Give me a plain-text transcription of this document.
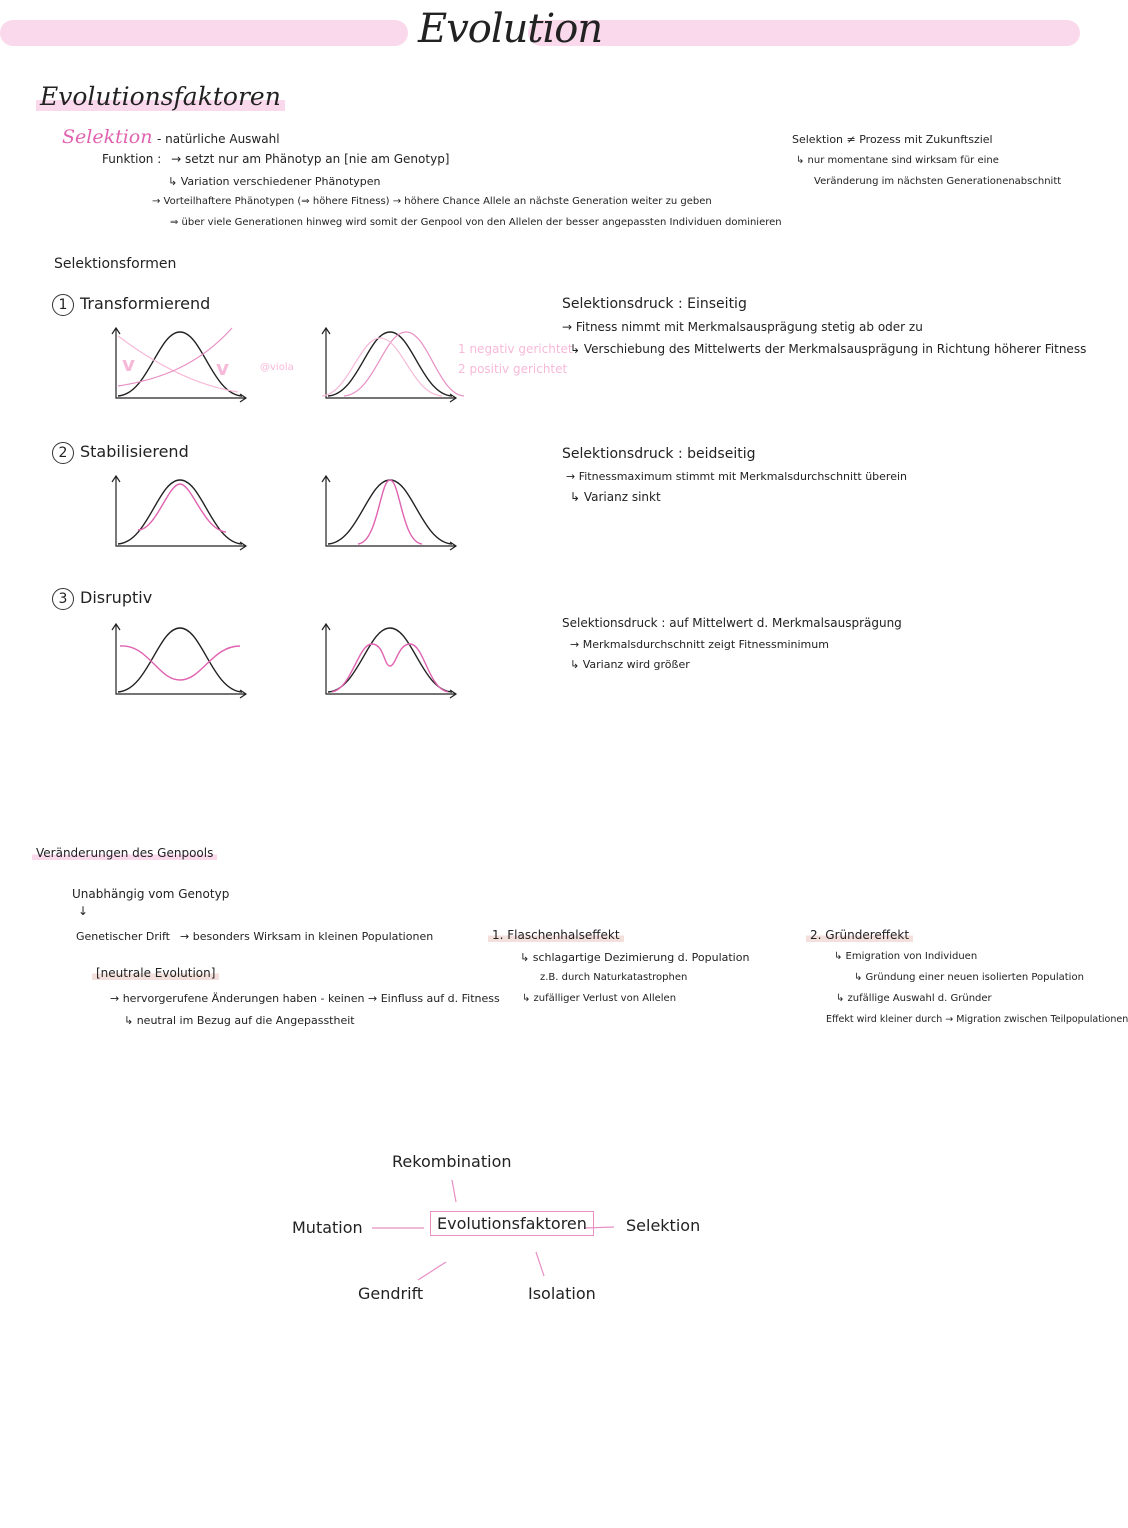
Evolution
Evolutionsfaktoren
Selektion - natürliche Auswahl
Funktion : → setzt nur am Phänotyp an [nie am Genotyp]
↳ Variation verschiedener Phänotypen
→ Vorteilhaftere Phänotypen (⇒ höhere Fitness) → höhere Chance Allele an nächste Generation weiter zu geben
⇒ über viele Generationen hinweg wird somit der Genpool von den Allelen der besser angepassten Individuen dominieren
Selektion ≠ Prozess mit Zukunftsziel
↳ nur momentane sind wirksam für eine
Veränderung im nächsten Generationenabschnitt
Selektionsformen
1 Transformierend	Selektionsdruck : Einseitig
→ Fitness nimmt mit Merkmalsausprägung stetig ab oder zu
↳ Verschiebung des Mittelwerts der Merkmalsausprägung in Richtung höherer Fitness
1 negativ gerichtet
2 positiv gerichtet
@viola
v	v
2 Stabilisierend	Selektionsdruck : beidseitig
→ Fitnessmaximum stimmt mit Merkmalsdurchschnitt überein
↳ Varianz sinkt
3 Disruptiv
Selektionsdruck : auf Mittelwert d. Merkmalsausprägung
→ Merkmalsdurchschnitt zeigt Fitnessminimum
↳ Varianz wird größer
Veränderungen des Genpools
Unabhängig vom Genotyp
↓
Genetischer Drift → besonders Wirksam in kleinen Populationen
[neutrale Evolution]
→ hervorgerufene Änderungen haben - keinen → Einfluss auf d. Fitness
↳ neutral im Bezug auf die Angepasstheit
1. Flaschenhalseffekt
↳ schlagartige Dezimierung d. Population
z.B. durch Naturkatastrophen
↳ zufälliger Verlust von Allelen
2. Gründereffekt
↳ Emigration von Individuen
↳ Gründung einer neuen isolierten Population
↳ zufällige Auswahl d. Gründer
Effekt wird kleiner durch → Migration zwischen Teilpopulationen
Rekombination
Mutation	Evolutionsfaktoren	Selektion
Gendrift	Isolation
